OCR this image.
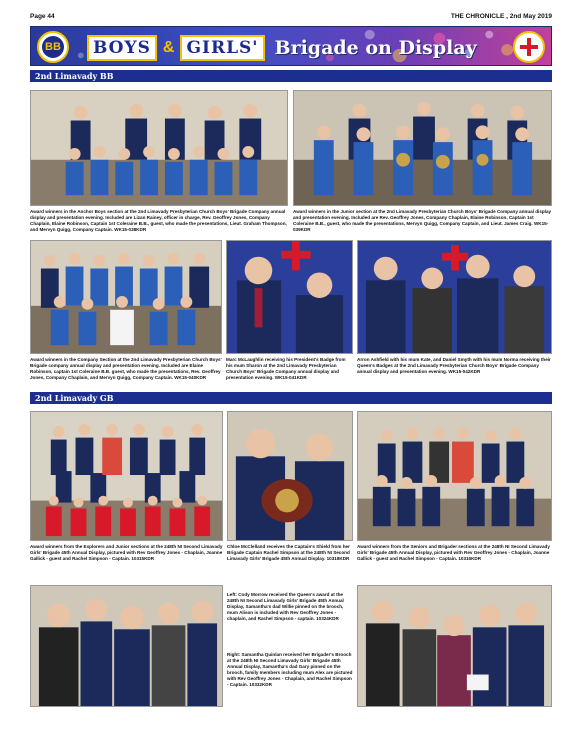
Page 44	THE CHRONICLE , 2nd May 2019
BB	BOYS & GIRLS' Brigade on Display
2nd Limavady BB
Award winners in the Anchor Boys section at the 2nd Limavady Presbyterian Church Boys' Brigade Company annual display and presentation evening. Included are Lizan Rainey, officer in charge, Rev. Geoffrey Jones, Company Chaplain, Elaine Robinson, Captain 1st Coleraine B.B., guest, who made the presentations, Lieut. Graham Thompson, and Mervyn Quigg, Company Captain. WK15-038KDR
Award winners in the Junior section at the 2nd Limavady Presbyterian Church Boys' Brigade Company annual display and presentation evening. Included are Rev. Geoffrey Jones, Company Chaplain, Elaine Robinson, Captain 1st Coleraine B.B., guest, who made the presentations, Mervyn Quigg, Company Captain, and Lieut. James Craig. WK15-039KDR
Award winners in the Company Section at the 2nd Limavady Presbyterian Church Boys' Brigade company annual display and presentation evening. Included are Elaine Robinson, captain 1st Coleraine B.B. guest, who made the presentations, Rev. Geoffrey Jones, Company Chaplain, and Mervyn Quigg, Company Captain. WK15-040KDR
Marc McLaughlin receiving his President's Badge from his mum Sharon at the 2nd Limavady Presbyterian Church Boys' Brigade Company annual display and presentation evening. WK15-041KDR
Arron Ashfield with his mum Kate, and Daniel Smyth with his mum Norma receiving their Queen's Badges at the 2nd Limavady Presbyterian Church Boys' Brigade Company annual display and presentation evening. WK15-042KDR
2nd Limavady GB
Award winners from the Explorers and Junior sections at the 248th NI Second Limavady Girls' Brigade 45th Annual Display, pictured with Rev Geoffrey Jones - Chaplain, Joanne Gallick - guest and Rachel Simpson - Captain. 10315KDR
Chloe McClelland receives the Captain's Shield from her Brigade Captain Rachel Simpson at the 248th NI Second Limavady Girls' Brigade 45th Annual Display. 10318KDR
Award winners from the Seniors and Brigader sections at the 248th NI Second Limavady Girls' Brigade 45th Annual Display, pictured with Rev Geoffrey Jones - Chaplain, Joanne Gallick - guest and Rachel Simpson - Captain. 10316KDR
Left: Cody Morrow received the Queen's award at the 248th NI Second Limavady Girls' Brigade 45th Annual Display, Samantha's dad Willie pinned on the brooch, mum Alison is included with Rev Geoffrey Jones - chaplain, and Rachel Simpson - captain. 10324KDR
Right: Samantha Quinlan received her Brigader's Brooch at the 248th NI Second Limavady Girls' Brigade 45th Annual Display, Samantha's dad Gary pinned on the brooch, family members including mum Alex are pictured with Rev Geoffrey Jones - Chaplain, and Rachel Simpson - Captain. 10332KDR
